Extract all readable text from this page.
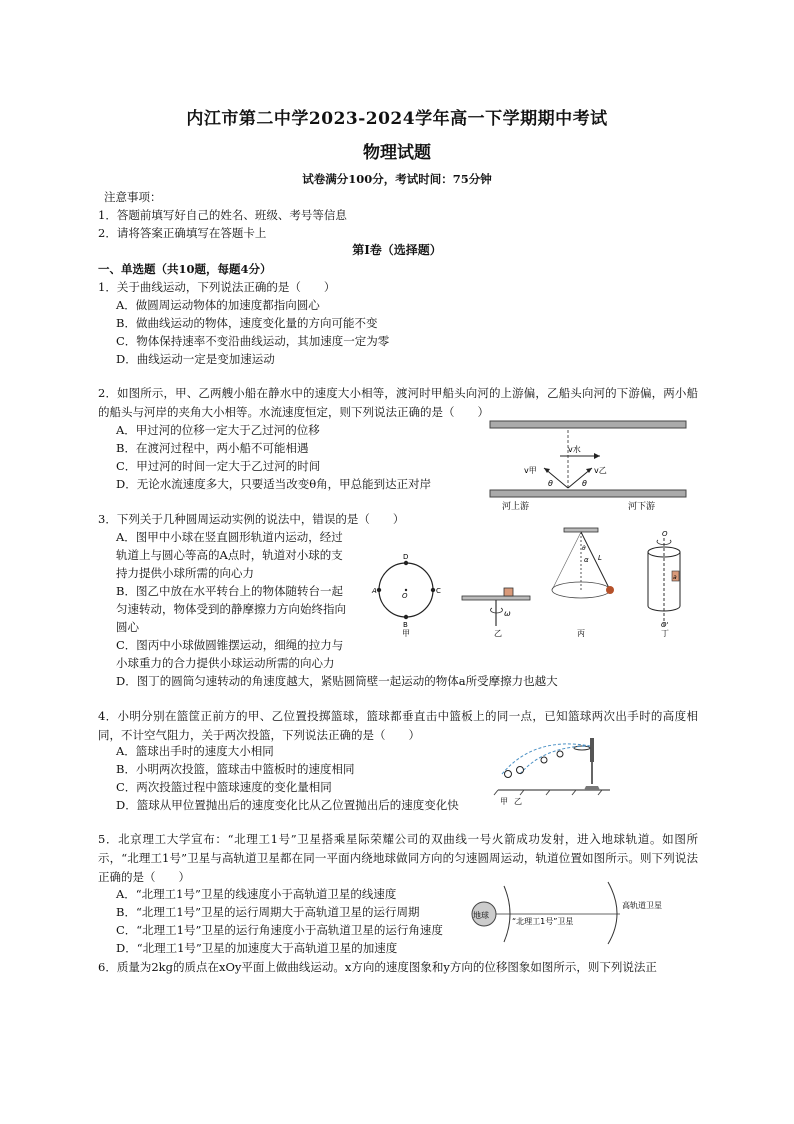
内江市第二中学2023-2024学年高一下学期期中考试
物理试题
试卷满分100分，考试时间：75分钟
注意事项：
1．答题前填写好自己的姓名、班级、考号等信息
2．请将答案正确填写在答题卡上
第I卷（选择题）
一、单选题（共10题，每题4分）
1．关于曲线运动，下列说法正确的是（　　）
A．做圆周运动物体的加速度都指向圆心
B．做曲线运动的物体，速度变化量的方向可能不变
C．物体保持速率不变沿曲线运动，其加速度一定为零
D．曲线运动一定是变加速运动
2．如图所示，甲、乙两艘小船在静水中的速度大小相等，渡河时甲船头向河的上游偏，乙船头向河的下游偏，两小船的船头与河岸的夹角大小相等。水流速度恒定，则下列说法正确的是（　　）
A．甲过河的位移一定大于乙过河的位移
B．在渡河过程中，两小船不可能相遇
C．甲过河的时间一定大于乙过河的时间
D．无论水流速度多大，只要适当改变θ角，甲总能到达正对岸
v水
v甲	v乙
θ	θ
河上游	河下游
3．下列关于几种圆周运动实例的说法中，错误的是（　　）
A．图甲中小球在竖直圆形轨道内运动，经过
轨道上与圆心等高的A点时，轨道对小球的支
持力提供小球所需的向心力
B．图乙中放在水平转台上的物体随转台一起
匀速转动，物体受到的静摩擦力方向始终指向
圆心
C．图丙中小球做圆锥摆运动，细绳的拉力与
小球重力的合力提供小球运动所需的向心力
D．图丁的圆筒匀速转动的角速度越大，紧贴圆筒壁一起运动的物体a所受摩擦力也越大
D
A
O
C
B
甲
ω
乙
θ
α L
丙
O
a
O'
丁
4．小明分别在篮筐正前方的甲、乙位置投掷篮球，篮球都垂直击中篮板上的同一点，已知篮球两次出手时的高度相同，不计空气阻力，关于两次投篮，下列说法正确的是（　　）
A．篮球出手时的速度大小相同
B．小明两次投篮，篮球击中篮板时的速度相同
C．两次投篮过程中篮球速度的变化量相同
D．篮球从甲位置抛出后的速度变化比从乙位置抛出后的速度变化快	甲 乙
5．北京理工大学宣布：“北理工1号”卫星搭乘星际荣耀公司的双曲线一号火箭成功发射，进入地球轨道。如图所示，“北理工1号”卫星与高轨道卫星都在同一平面内绕地球做同方向的匀速圆周运动，轨道位置如图所示。则下列说法正确的是（　　）
A．“北理工1号”卫星的线速度小于高轨道卫星的线速度
B．“北理工1号”卫星的运行周期大于高轨道卫星的运行周期
C．“北理工1号”卫星的运行角速度小于高轨道卫星的运行角速度
D．“北理工1号”卫星的加速度大于高轨道卫星的加速度
地球
“北理工1号”卫星
高轨道卫星
6．质量为2kg的质点在xOy平面上做曲线运动。x方向的速度图象和y方向的位移图象如图所示，则下列说法正
